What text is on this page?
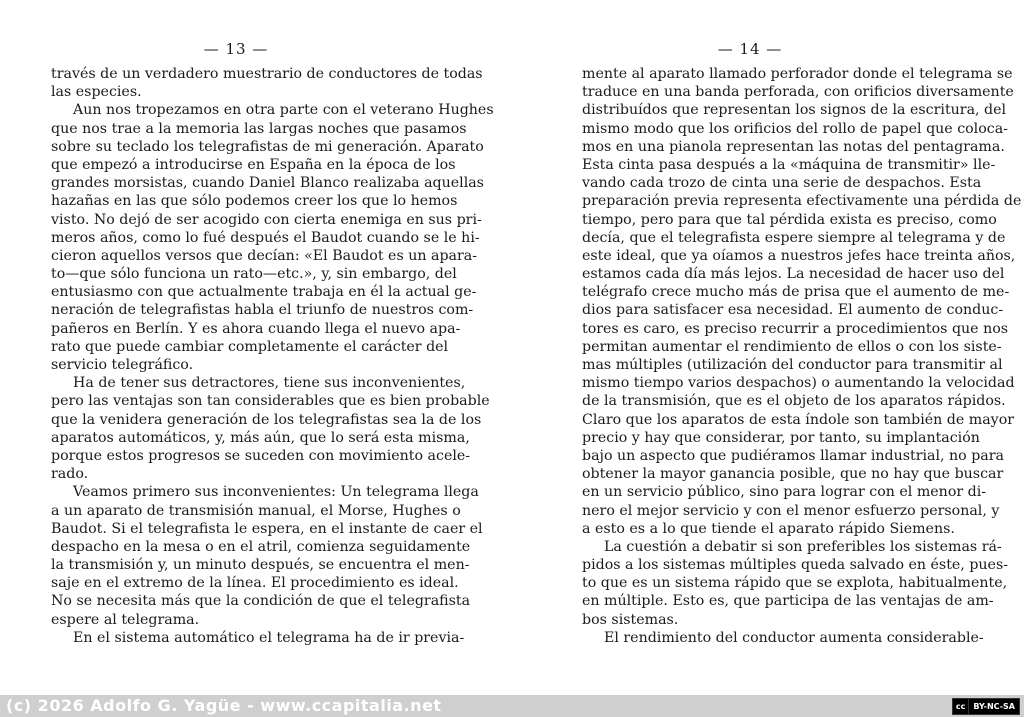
— 13 —
través de un verdadero muestrario de conductores de todas
las especies.
Aun nos tropezamos en otra parte con el veterano Hughes
que nos trae a la memoria las largas noches que pasamos
sobre su teclado los telegrafistas de mi generación. Aparato
que empezó a introducirse en España en la época de los
grandes morsistas, cuando Daniel Blanco realizaba aquellas
hazañas en las que sólo podemos creer los que lo hemos
visto. No dejó de ser acogido con cierta enemiga en sus pri-
meros años, como lo fué después el Baudot cuando se le hi-
cieron aquellos versos que decían: «El Baudot es un apara-
to—que sólo funciona un rato—etc.», y, sin embargo, del
entusiasmo con que actualmente trabaja en él la actual ge-
neración de telegrafistas habla el triunfo de nuestros com-
pañeros en Berlín. Y es ahora cuando llega el nuevo apa-
rato que puede cambiar completamente el carácter del
servicio telegráfico.
Ha de tener sus detractores, tiene sus inconvenientes,
pero las ventajas son tan considerables que es bien probable
que la venidera generación de los telegrafistas sea la de los
aparatos automáticos, y, más aún, que lo será esta misma,
porque estos progresos se suceden con movimiento acele-
rado.
Veamos primero sus inconvenientes: Un telegrama llega
a un aparato de transmisión manual, el Morse, Hughes o
Baudot. Si el telegrafista le espera, en el instante de caer el
despacho en la mesa o en el atril, comienza seguidamente
la transmisión y, un minuto después, se encuentra el men-
saje en el extremo de la línea. El procedimiento es ideal.
No se necesita más que la condición de que el telegrafista
espere al telegrama.
En el sistema automático el telegrama ha de ir previa-
— 14 —
mente al aparato llamado perforador donde el telegrama se
traduce en una banda perforada, con orificios diversamente
distribuídos que representan los signos de la escritura, del
mismo modo que los orificios del rollo de papel que coloca-
mos en una pianola representan las notas del pentagrama.
Esta cinta pasa después a la «máquina de transmitir» lle-
vando cada trozo de cinta una serie de despachos. Esta
preparación previa representa efectivamente una pérdida de
tiempo, pero para que tal pérdida exista es preciso, como
decía, que el telegrafista espere siempre al telegrama y de
este ideal, que ya oíamos a nuestros jefes hace treinta años,
estamos cada día más lejos. La necesidad de hacer uso del
telégrafo crece mucho más de prisa que el aumento de me-
dios para satisfacer esa necesidad. El aumento de conduc-
tores es caro, es preciso recurrir a procedimientos que nos
permitan aumentar el rendimiento de ellos o con los siste-
mas múltiples (utilización del conductor para transmitir al
mismo tiempo varios despachos) o aumentando la velocidad
de la transmisión, que es el objeto de los aparatos rápidos.
Claro que los aparatos de esta índole son también de mayor
precio y hay que considerar, por tanto, su implantación
bajo un aspecto que pudiéramos llamar industrial, no para
obtener la mayor ganancia posible, que no hay que buscar
en un servicio público, sino para lograr con el menor di-
nero el mejor servicio y con el menor esfuerzo personal, y
a esto es a lo que tiende el aparato rápido Siemens.
La cuestión a debatir si son preferibles los sistemas rá-
pidos a los sistemas múltiples queda salvado en éste, pues-
to que es un sistema rápido que se explota, habitualmente,
en múltiple. Esto es, que participa de las ventajas de am-
bos sistemas.
El rendimiento del conductor aumenta considerable-
(c) 2026 Adolfo G. Yagüe - www.ccapitalia.net	cc	BY-NC-SA
